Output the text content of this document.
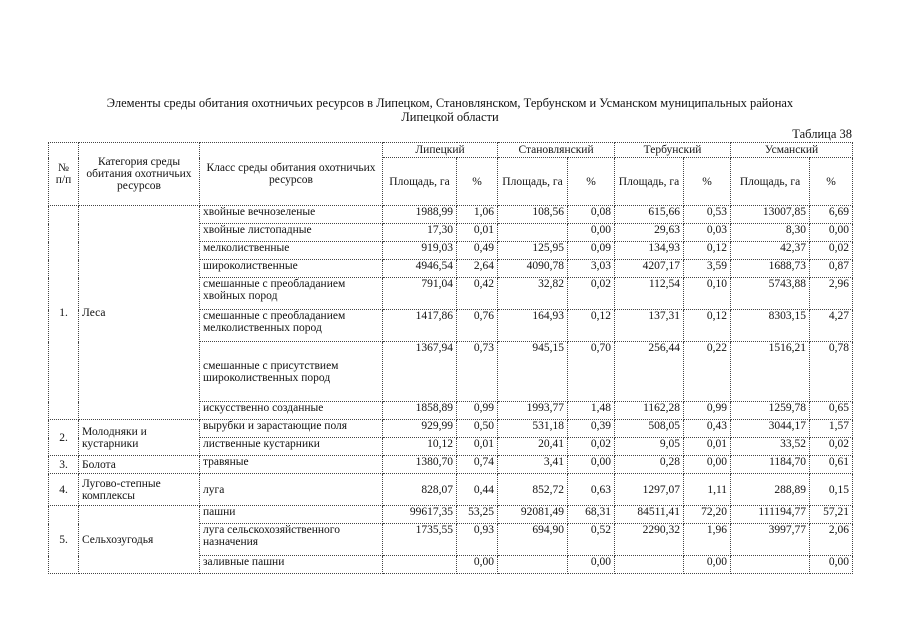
Элементы среды обитания охотничьих ресурсов в Липецком, Становлянском, Тербунском и Усманском муниципальных районах Липецкой области
Таблица 38
№ п/п	Категория среды обитания охотничьих ресурсов	Класс среды обитания охотничьих ресурсов	Липецкий		Становлянский		Тербунский		Усманский	
			Площадь, га	%	Площадь, га	%	Площадь, га	%	Площадь, га	%
1.	Леса	хвойные вечнозеленые	1988,99	1,06	108,56	0,08	615,66	0,53	13007,85	6,69
		хвойные листопадные	17,30	0,01		0,00	29,63	0,03	8,30	0,00
		мелколиственные	919,03	0,49	125,95	0,09	134,93	0,12	42,37	0,02
		широколиственные	4946,54	2,64	4090,78	3,03	4207,17	3,59	1688,73	0,87
		смешанные с преобладанием хвойных пород	791,04	0,42	32,82	0,02	112,54	0,10	5743,88	2,96
		смешанные с преобладанием мелколиственных пород	1417,86	0,76	164,93	0,12	137,31	0,12	8303,15	4,27
		смешанные с присутствием широколиственных пород	1367,94	0,73	945,15	0,70	256,44	0,22	1516,21	0,78
		искусственно созданные	1858,89	0,99	1993,77	1,48	1162,28	0,99	1259,78	0,65
2.	Молодняки и кустарники	вырубки и зарастающие поля	929,99	0,50	531,18	0,39	508,05	0,43	3044,17	1,57
		лиственные кустарники	10,12	0,01	20,41	0,02	9,05	0,01	33,52	0,02
3.	Болота	травяные	1380,70	0,74	3,41	0,00	0,28	0,00	1184,70	0,61
4.	Лугово-степные комплексы	луга	828,07	0,44	852,72	0,63	1297,07	1,11	288,89	0,15
5.	Сельхозугодья	пашни	99617,35	53,25	92081,49	68,31	84511,41	72,20	111194,77	57,21
		луга сельскохозяйственного назначения	1735,55	0,93	694,90	0,52	2290,32	1,96	3997,77	2,06
		заливные пашни		0,00		0,00		0,00		0,00
